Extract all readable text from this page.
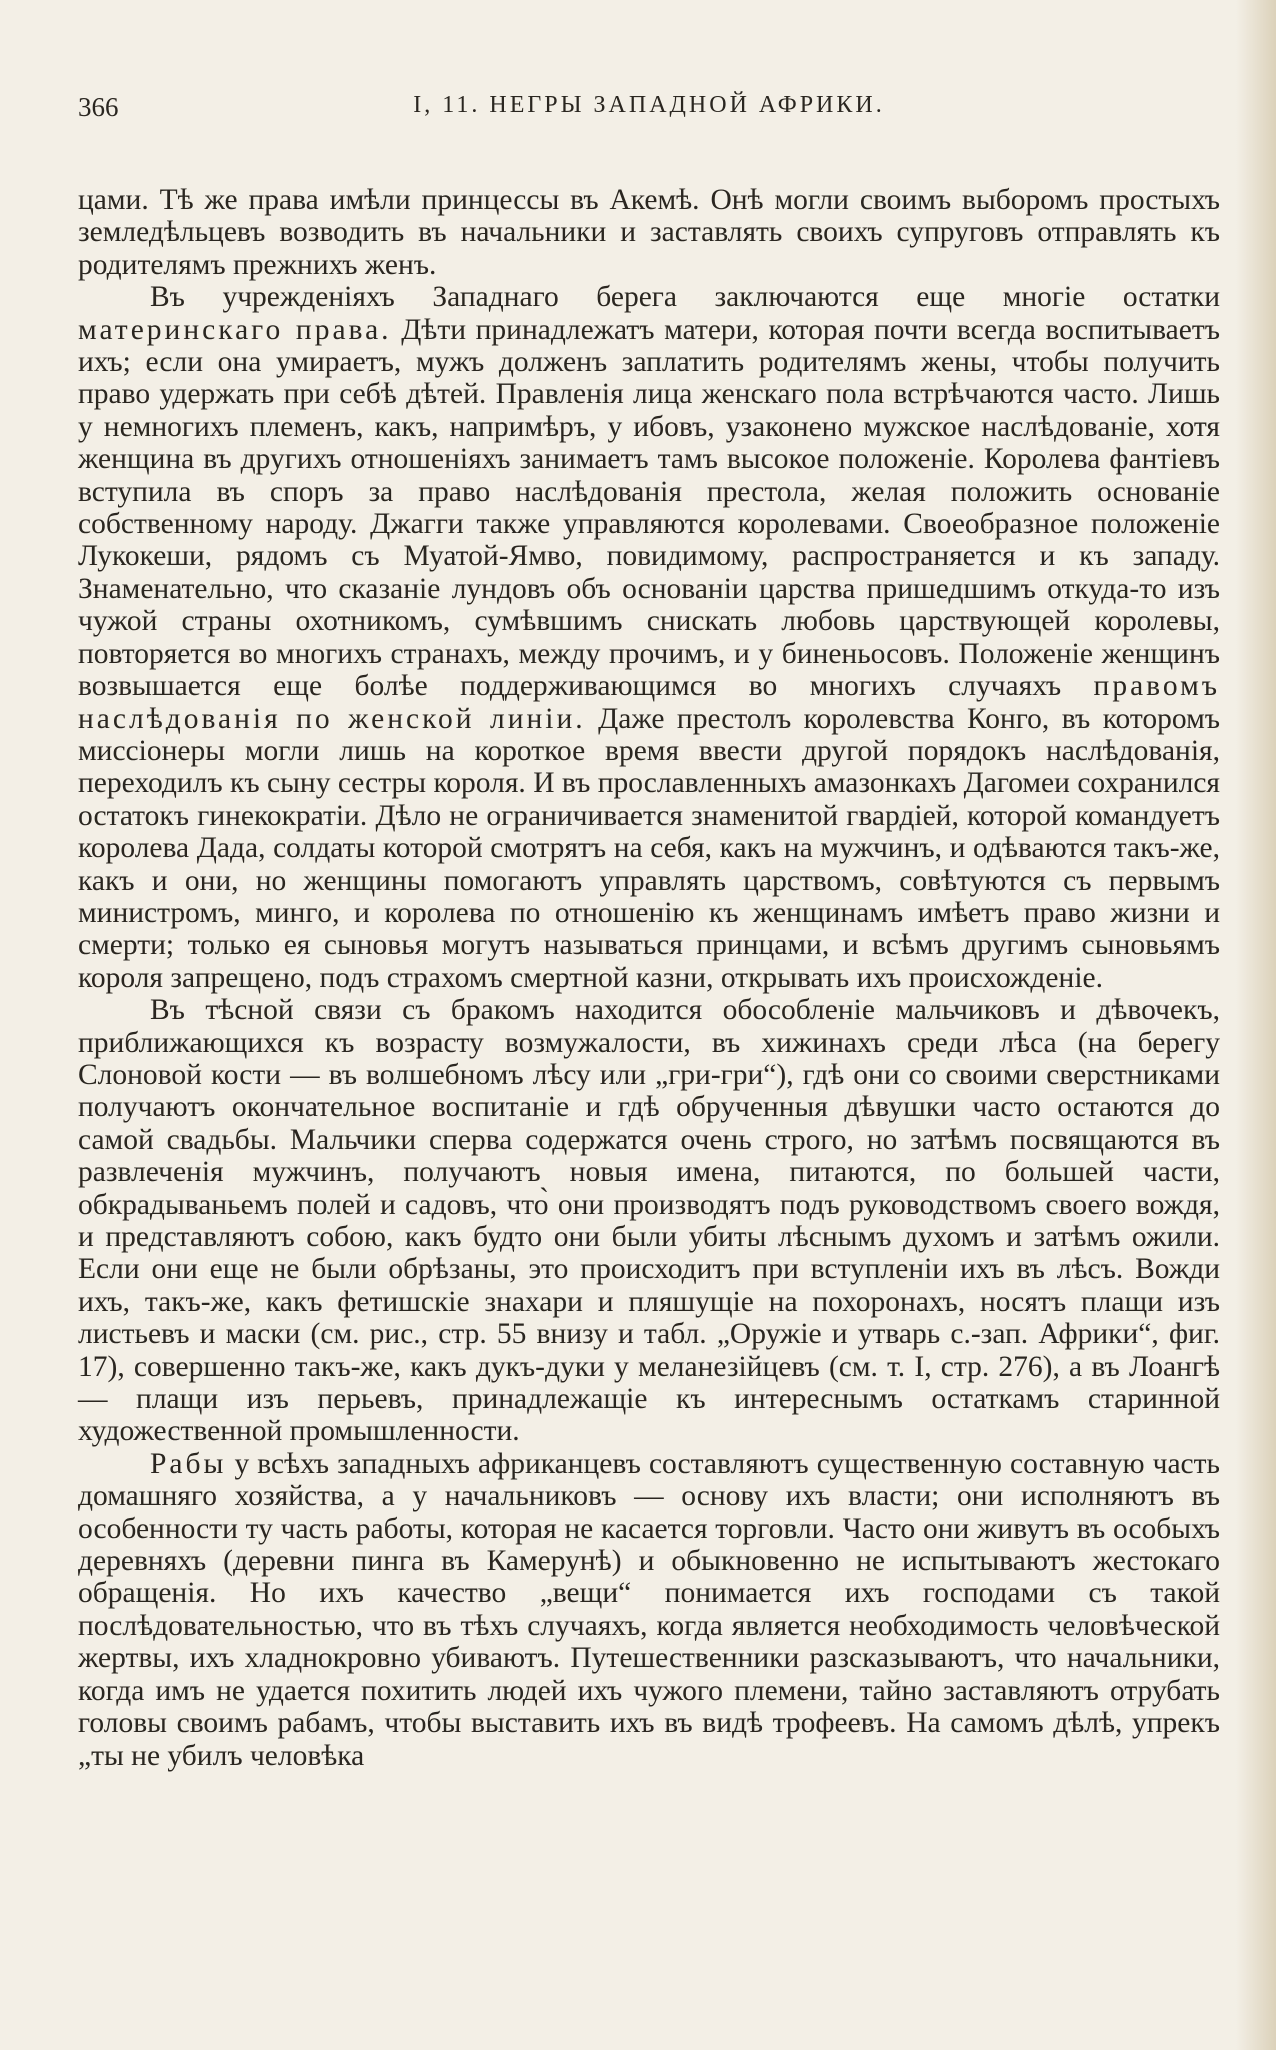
366	I, 11. НЕГРЫ ЗАПАДНОЙ АФРИКИ.

цами. Тѣ же права имѣли принцессы въ Акемѣ. Онѣ могли своимъ выборомъ простыхъ земледѣльцевъ возводить въ начальники и заставлять своихъ супруговъ отправлять къ родителямъ прежнихъ женъ.

Въ учрежденіяхъ Западнаго берега заключаются еще многіе остатки материнскаго права. Дѣти принадлежатъ матери, которая почти всегда воспитываетъ ихъ; если она умираетъ, мужъ долженъ заплатить родителямъ жены, чтобы получить право удержать при себѣ дѣтей. Правленія лица женскаго пола встрѣчаются часто. Лишь у немногихъ племенъ, какъ, напримѣръ, у ибовъ, узаконено мужское наслѣдованіе, хотя женщина въ другихъ отношеніяхъ занимаетъ тамъ высокое положеніе. Королева фантіевъ вступила въ споръ за право наслѣдованія престола, желая положить основаніе собственному народу. Джагги также управляются королевами. Своеобразное положеніе Лукокеши, рядомъ съ Муатой-Ямво, повидимому, распространяется и къ западу. Знаменательно, что сказаніе лундовъ объ основаніи царства пришедшимъ откуда-то изъ чужой страны охотникомъ, сумѣвшимъ снискать любовь царствующей королевы, повторяется во многихъ странахъ, между прочимъ, и у биненьосовъ. Положеніе женщинъ возвышается еще болѣе поддерживающимся во многихъ случаяхъ правомъ наслѣдованія по женской линіи. Даже престолъ королевства Конго, въ которомъ миссіонеры могли лишь на короткое время ввести другой порядокъ наслѣдованія, переходилъ къ сыну сестры короля. И въ прославленныхъ амазонкахъ Дагомеи сохранился остатокъ гинекократіи. Дѣло не ограничивается знаменитой гвардіей, которой командуетъ королева Дада, солдаты которой смотрятъ на себя, какъ на мужчинъ, и одѣваются такъ-же, какъ и они, но женщины помогаютъ управлять царствомъ, совѣтуются съ первымъ министромъ, мингo, и королева по отношенію къ женщинамъ имѣетъ право жизни и смерти; только ея сыновья могутъ называться принцами, и всѣмъ другимъ сыновьямъ короля запрещено, подъ страхомъ смертной казни, открывать ихъ происхожденіе.

Въ тѣсной связи съ бракомъ находится обособленіе мальчиковъ и дѣвочекъ, приближающихся къ возрасту возмужалости, въ хижинахъ среди лѣса (на берегу Слоновой кости — въ волшебномъ лѣсу или „гри-гри“), гдѣ они со своими сверстниками получаютъ окончательное воспитаніе и гдѣ обрученныя дѣвушки часто остаются до самой свадьбы. Мальчики сперва содержатся очень строго, но затѣмъ посвящаются въ развлеченія мужчинъ, получаютъ новыя имена, питаются, по большей части, обкрадываньемъ полей и садовъ, что̀ они производятъ подъ руководствомъ своего вождя, и представляютъ собою, какъ будто они были убиты лѣснымъ духомъ и затѣмъ ожили. Если они еще не были обрѣзаны, это происходитъ при вступленіи ихъ въ лѣсъ. Вожди ихъ, такъ-же, какъ фетишскіе знахари и пляшущіе на похоронахъ, носятъ плащи изъ листьевъ и маски (см. рис., стр. 55 внизу и табл. „Оружіе и утварь с.-зап. Африки“, фиг. 17), совершенно такъ-же, какъ дукъ-дуки у меланезійцевъ (см. т. I, стр. 276), а въ Лоангѣ — плащи изъ перьевъ, принадлежащіе къ интереснымъ остаткамъ старинной художественной промышленности.

Рабы у всѣхъ западныхъ африканцевъ составляютъ существенную составную часть домашняго хозяйства, а у начальниковъ — основу ихъ власти; они исполняютъ въ особенности ту часть работы, которая не касается торговли. Часто они живутъ въ особыхъ деревняхъ (деревни пинга въ Камерунѣ) и обыкновенно не испытываютъ жестокаго обращенія. Но ихъ качество „вещи“ понимается ихъ господами съ такой послѣдовательностью, что въ тѣхъ случаяхъ, когда является необходимость человѣческой жертвы, ихъ хладнокровно убиваютъ. Путешественники разсказываютъ, что начальники, когда имъ не удается похитить людей ихъ чужого племени, тайно заставляютъ отрубать головы своимъ рабамъ, чтобы выставить ихъ въ видѣ трофеевъ. На самомъ дѣлѣ, упрекъ „ты не убилъ человѣка
